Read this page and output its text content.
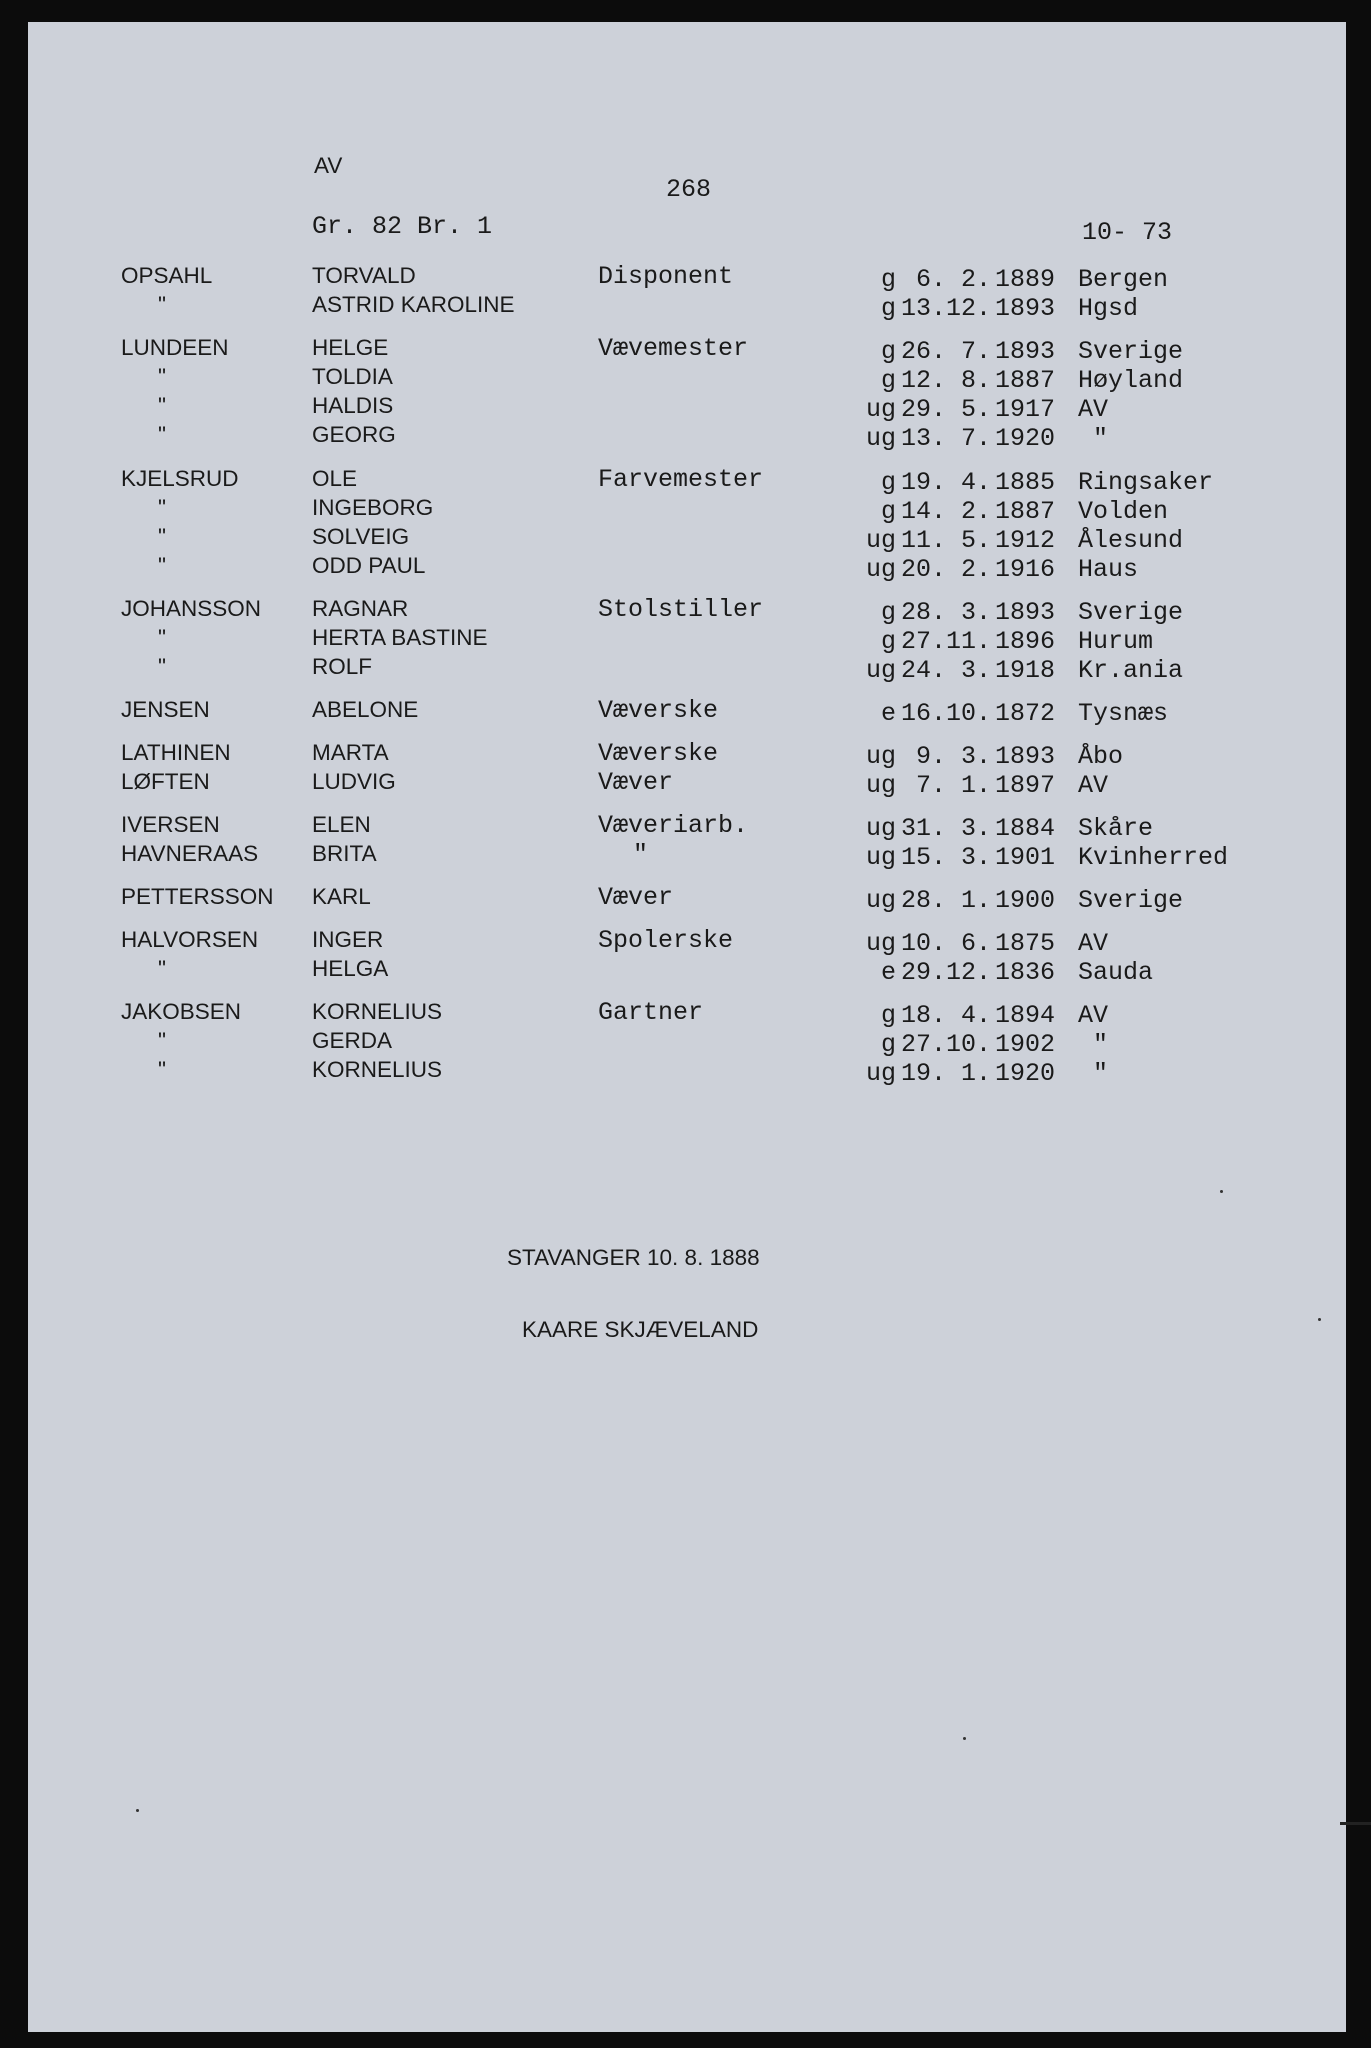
AV
268
Gr. 82 Br. 1	10- 73
OPSAHL	TORVALD	Disponent	g 6. 2. 1889 Bergen
"	ASTRID KAROLINE	g 13.12. 1893 Hgsd
LUNDEEN	HELGE	Vævemester	g 26. 7. 1893 Sverige
"	TOLDIA	g 12. 8. 1887 Høyland
"	HALDIS	ug 29. 5. 1917 AV
"	GEORG	ug 13. 7. 1920 "
KJELSRUD	OLE	Farvemester	g 19. 4. 1885 Ringsaker
"	INGEBORG	g 14. 2. 1887 Volden
"	SOLVEIG	ug 11. 5. 1912 Ålesund
"	ODD PAUL	ug 20. 2. 1916 Haus
JOHANSSON RAGNAR	Stolstiller	g 28. 3. 1893 Sverige
"	HERTA BASTINE	g 27.11. 1896 Hurum
"	ROLF	ug 24. 3. 1918 Kr.ania
JENSEN	ABELONE	Væverske	e 16.10. 1872 Tysnæs
LATHINEN	MARTA	Væverske	ug 9. 3. 1893 Åbo
LØFTEN	LUDVIG	Væver	ug 7. 1. 1897 AV
IVERSEN	ELEN	Væveriarb.	ug 31. 3. 1884 Skåre
HAVNERAAS BRITA	"	ug 15. 3. 1901 Kvinherred
PETTERSSON KARL	Væver	ug 28. 1. 1900 Sverige
HALVORSEN INGER	Spolerske	ug 10. 6. 1875 AV
"	HELGA	e 29.12. 1836 Sauda
JAKOBSEN	KORNELIUS	Gartner	g 18. 4. 1894 AV
"	GERDA	g 27.10. 1902 "
"	KORNELIUS	ug 19. 1. 1920 "
STAVANGER 10. 8. 1888
KAARE SKJÆVELAND
